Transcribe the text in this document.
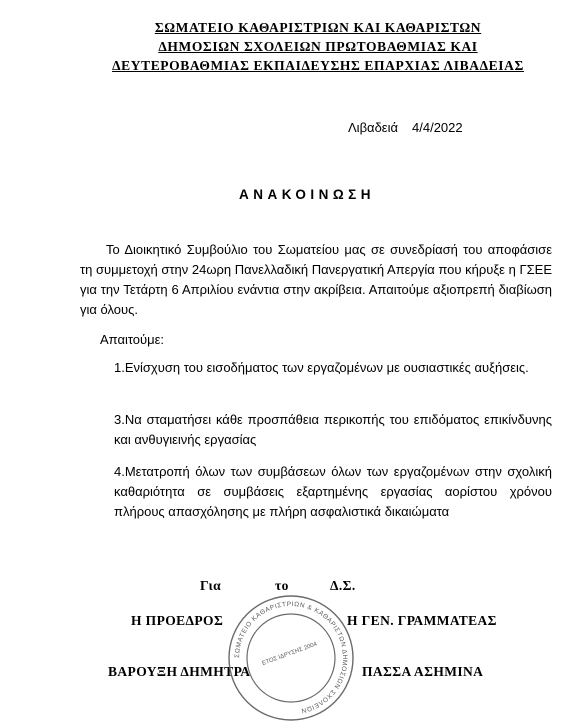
ΣΩΜΑΤΕΙΟ ΚΑΘΑΡΙΣΤΡΙΩΝ ΚΑΙ ΚΑΘΑΡΙΣΤΩΝ
ΔΗΜΟΣΙΩΝ ΣΧΟΛΕΙΩΝ ΠΡΩΤΟΒΑΘΜΙΑΣ ΚΑΙ
ΔΕΥΤΕΡΟΒΑΘΜΙΑΣ ΕΚΠΑΙΔΕΥΣΗΣ ΕΠΑΡΧΙΑΣ ΛΙΒΑΔΕΙΑΣ
Λιβαδειά 4/4/2022
ΑΝΑΚΟΙΝΩΣΗ

Το Διοικητικό Συμβούλιο του Σωματείου μας σε συνεδρίασή του αποφάσισε τη συμμετοχή στην 24ωρη Πανελλαδική Πανεργατική Απεργία που κήρυξε η ΓΣΕΕ για την Τετάρτη 6 Απριλίου ενάντια στην ακρίβεια. Απαιτούμε αξιοπρεπή διαβίωση για όλους.

Απαιτούμε:

1.Ενίσχυση του εισοδήματος των εργαζομένων με ουσιαστικές αυξήσεις.

3.Να σταματήσει κάθε προσπάθεια περικοπής του επιδόματος επικίνδυνης και ανθυγιεινής εργασίας

4.Μετατροπή όλων των συμβάσεων όλων των εργαζομένων στην σχολική καθαριότητα σε συμβάσεις εξαρτημένης εργασίας αορίστου χρόνου πλήρους απασχόλησης με πλήρη ασφαλιστικά δικαιώματα

Για	το	Δ.Σ.
Η ΠΡΟΕΔΡΟΣ	Η ΓΕΝ. ΓΡΑΜΜΑΤΕΑΣ
ΒΑΡΟΥΞΗ ΔΗΜΗΤΡΑ	ΠΑΣΣΑ ΑΣΗΜΙΝΑ
ΣΩΜΑΤΕΙΟ ΚΑΘΑΡΙΣΤΡΙΩΝ & ΚΑΘΑΡΙΣΤΩΝ ΔΗΜΟΣΙΩΝ ΣΧΟΛΕΙΩΝ
ΕΤΟΣ ΙΔΡΥΣΗΣ 2004
